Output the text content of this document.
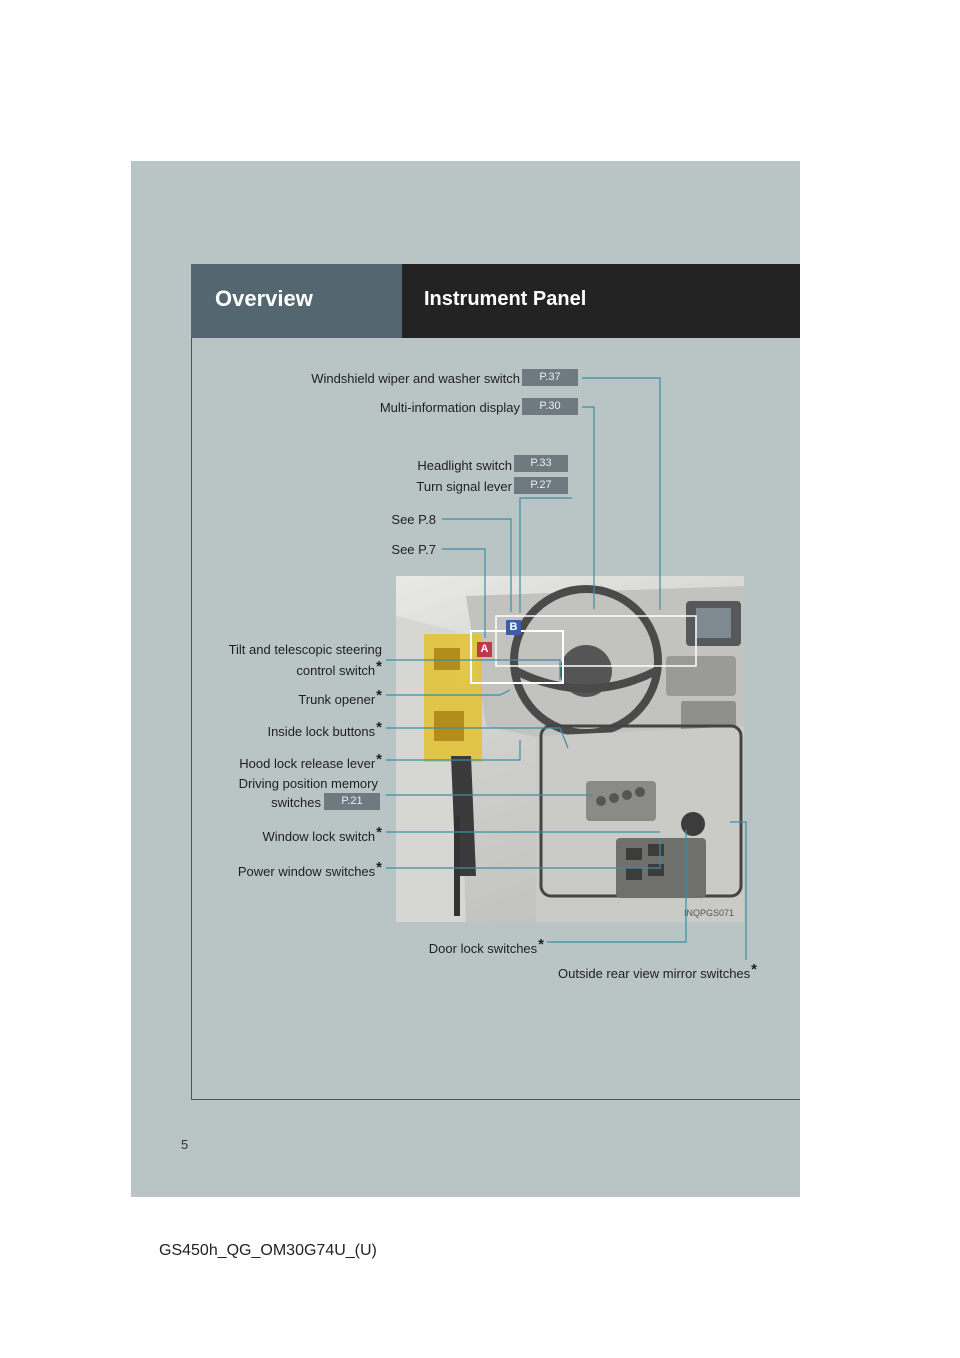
Overview	Instrument Panel
A
B
INQPGS071
Windshield wiper and washer switch	P.37
Multi-information display	P.30
Headlight switch	P.33
Turn signal lever	P.27
See P.8
See P.7
Tilt and telescopic steering
control switch*
Trunk opener*
Inside lock buttons*
Hood lock release lever*
Driving position memory
switches	P.21
Window lock switch*
Power window switches*
Door lock switches*
Outside rear view mirror switches*
5
GS450h_QG_OM30G74U_(U)
